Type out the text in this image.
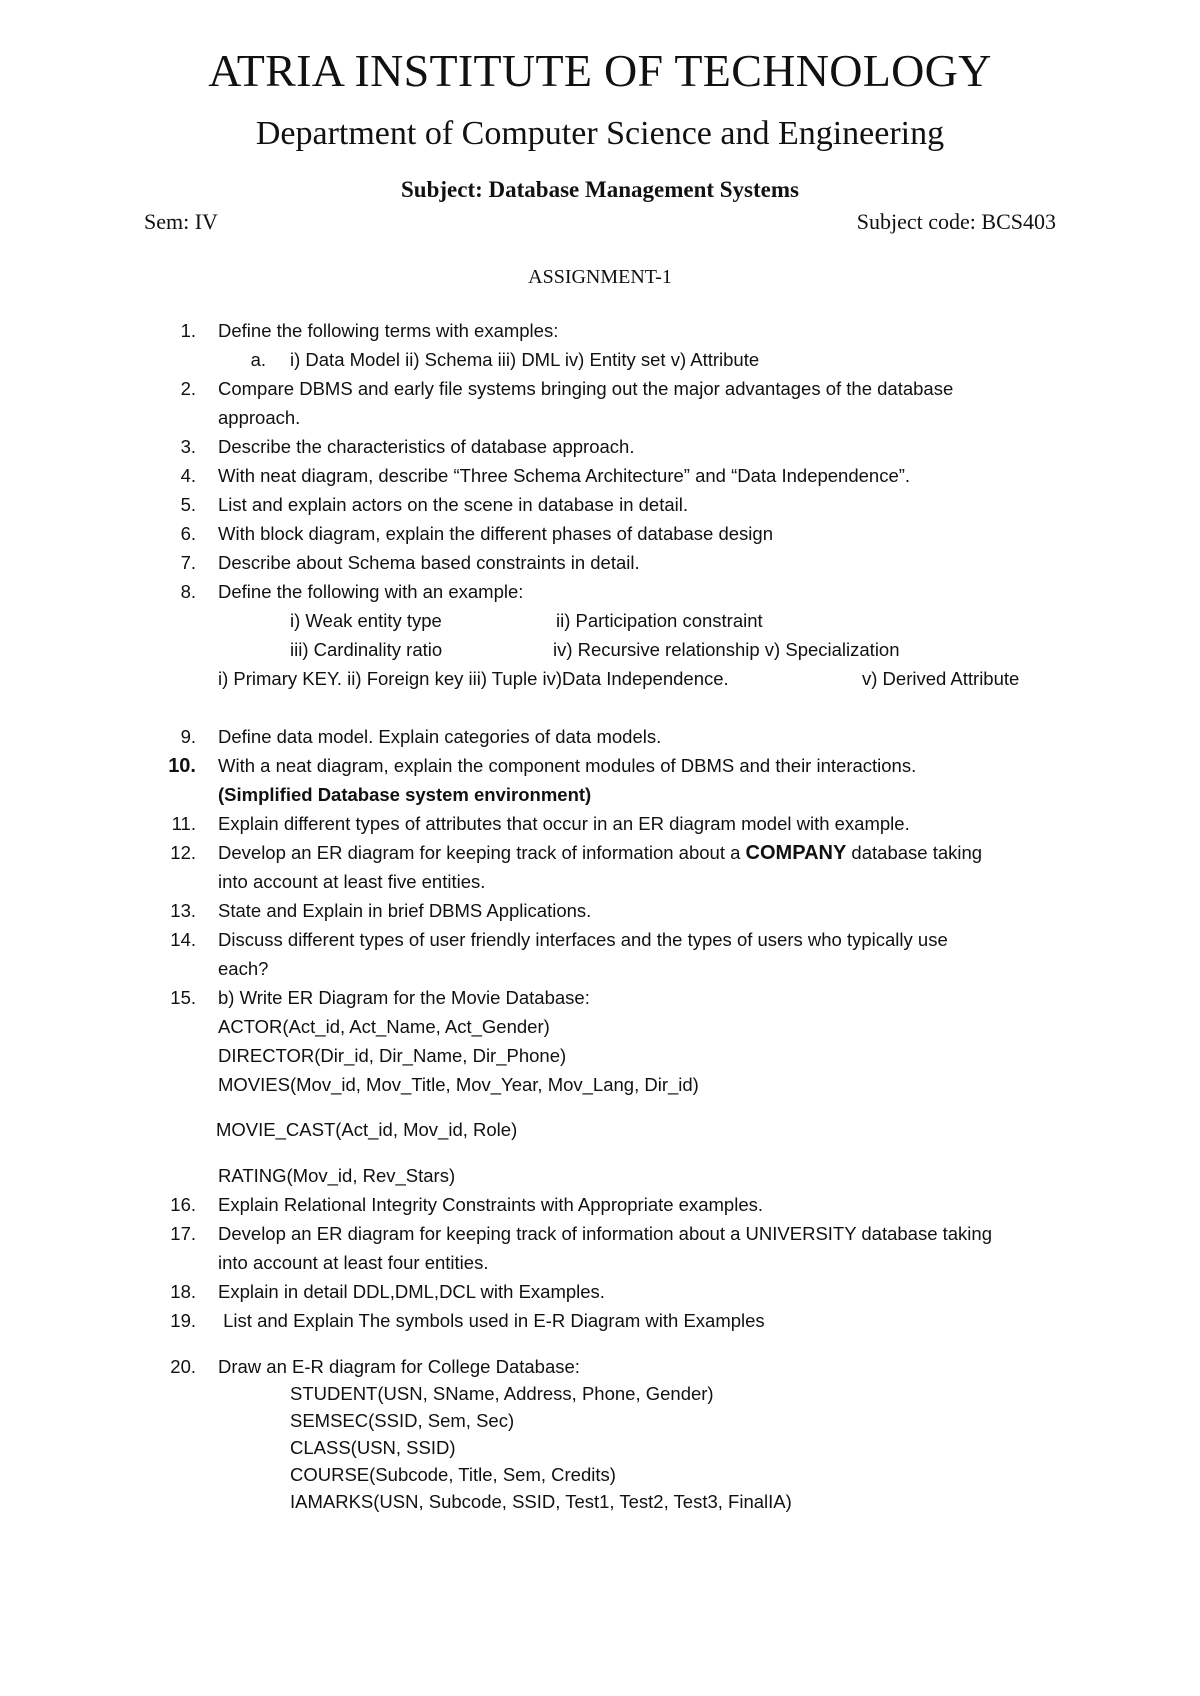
ATRIA INSTITUTE OF TECHNOLOGY
Department of Computer Science and Engineering
Subject: Database Management Systems
Sem: IV	Subject code: BCS403
ASSIGNMENT-1
1. Define the following terms with examples:
a. i) Data Model ii) Schema iii) DML iv) Entity set v) Attribute
2. Compare DBMS and early file systems bringing out the major advantages of the database
approach.
3. Describe the characteristics of database approach.
4. With neat diagram, describe “Three Schema Architecture” and “Data Independence”.
5. List and explain actors on the scene in database in detail.
6. With block diagram, explain the different phases of database design
7. Describe about Schema based constraints in detail.
8. Define the following with an example:
i) Weak entity type	ii) Participation constraint
iii) Cardinality ratio	iv) Recursive relationship v) Specialization
i) Primary KEY. ii) Foreign key iii) Tuple iv)Data Independence.	v) Derived Attribute
9. Define data model. Explain categories of data models.
10. With a neat diagram, explain the component modules of DBMS and their interactions.
(Simplified Database system environment)
11. Explain different types of attributes that occur in an ER diagram model with example.
12. Develop an ER diagram for keeping track of information about a COMPANY database taking
into account at least five entities.
13. State and Explain in brief DBMS Applications.
14. Discuss different types of user friendly interfaces and the types of users who typically use
each?
15. b) Write ER Diagram for the Movie Database:
ACTOR(Act_id, Act_Name, Act_Gender)
DIRECTOR(Dir_id, Dir_Name, Dir_Phone)
MOVIES(Mov_id, Mov_Title, Mov_Year, Mov_Lang, Dir_id)
MOVIE_CAST(Act_id, Mov_id, Role)
RATING(Mov_id, Rev_Stars)
16. Explain Relational Integrity Constraints with Appropriate examples.
17. Develop an ER diagram for keeping track of information about a UNIVERSITY database taking
into account at least four entities.
18. Explain in detail DDL,DML,DCL with Examples.
19. List and Explain The symbols used in E-R Diagram with Examples
20. Draw an E-R diagram for College Database:
STUDENT(USN, SName, Address, Phone, Gender)
SEMSEC(SSID, Sem, Sec)
CLASS(USN, SSID)
COURSE(Subcode, Title, Sem, Credits)
IAMARKS(USN, Subcode, SSID, Test1, Test2, Test3, FinalIA)
